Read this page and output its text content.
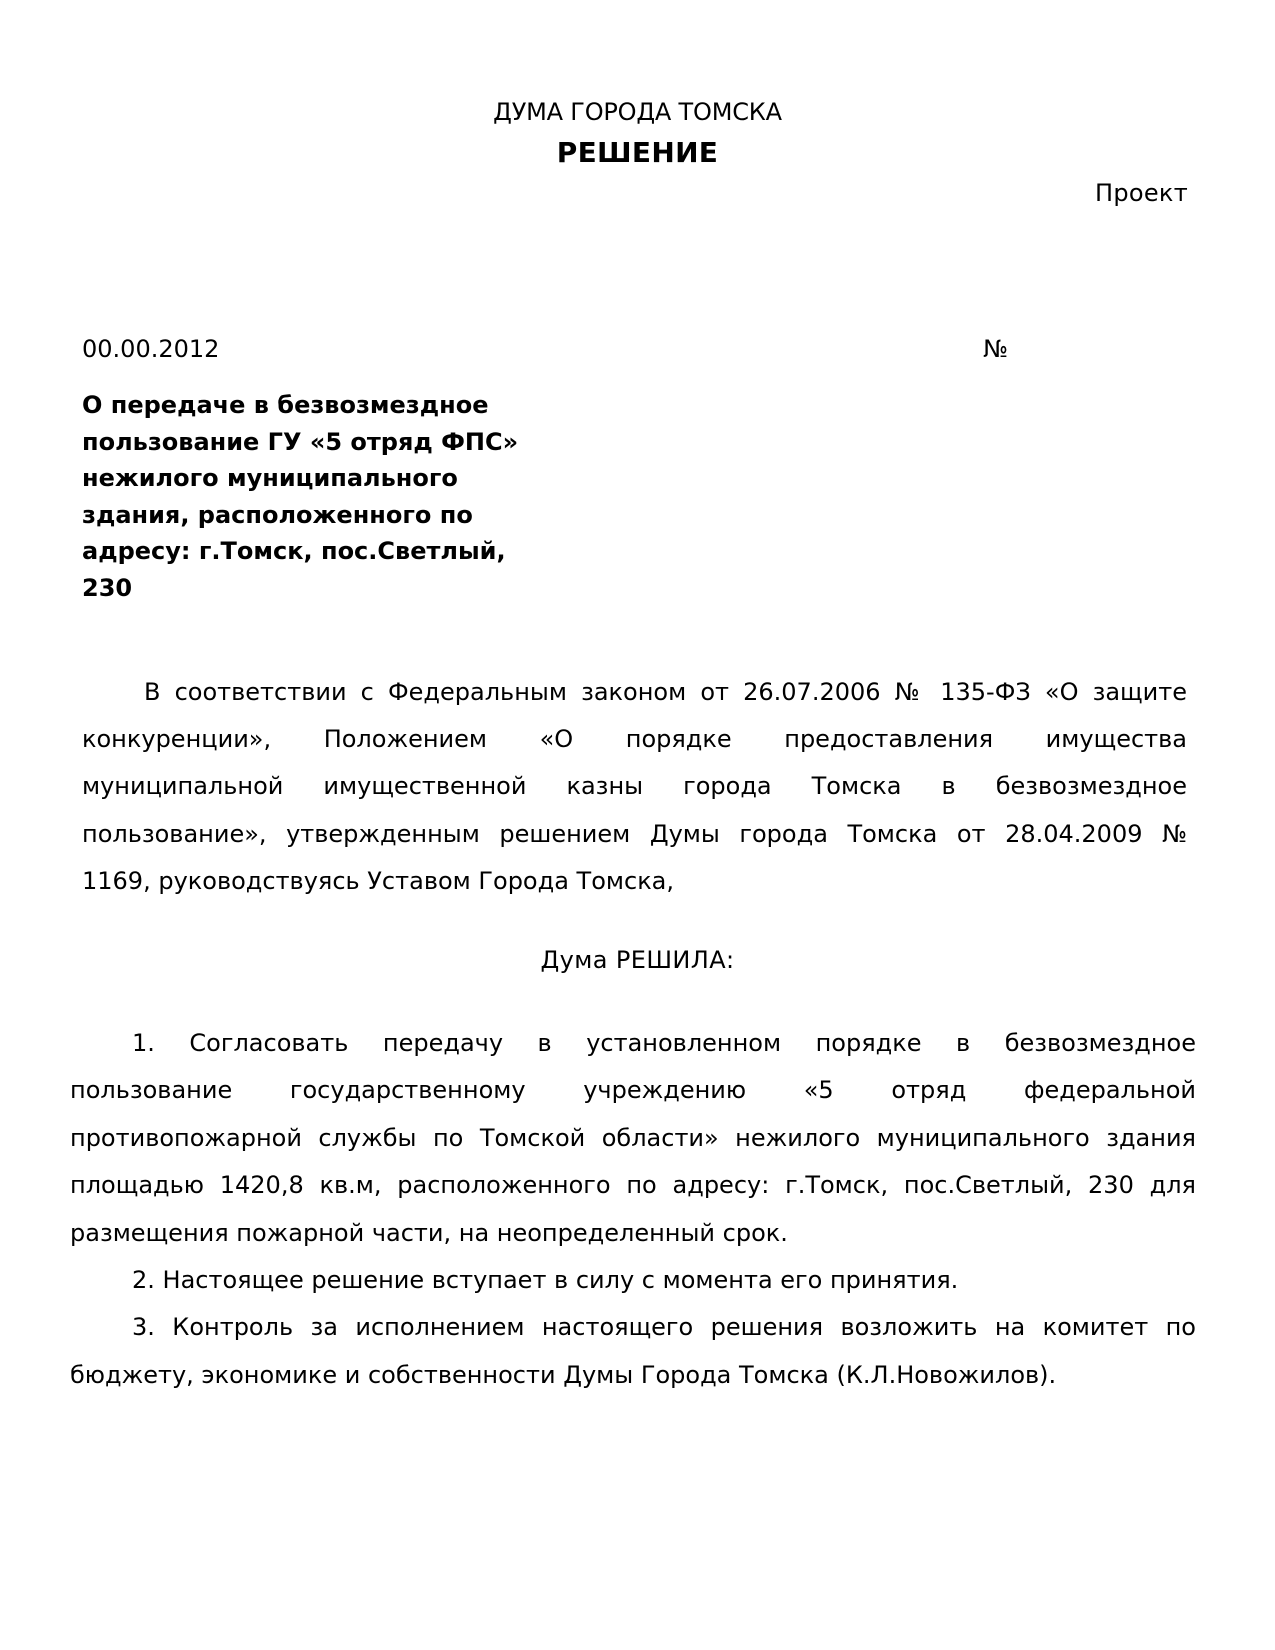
ДУМА ГОРОДА ТОМСКА
РЕШЕНИЕ
Проект
00.00.2012	№
О передаче в безвозмездное
пользование ГУ «5 отряд ФПС»
нежилого муниципального
здания, расположенного по
адресу: г.Томск, пос.Светлый,
230
В соответствии с Федеральным законом от 26.07.2006 № 135-ФЗ «О защите
конкуренции», Положением «О порядке предоставления имущества
муниципальной имущественной казны города Томска в безвозмездное
пользование», утвержденным решением Думы города Томска от 28.04.2009 №
1169, руководствуясь Уставом Города Томска,
Дума РЕШИЛА:
1. Согласовать передачу в установленном порядке в безвозмездное
пользование государственному учреждению «5 отряд федеральной
противопожарной службы по Томской области» нежилого муниципального здания
площадью 1420,8 кв.м, расположенного по адресу: г.Томск, пос.Светлый, 230 для
размещения пожарной части, на неопределенный срок.
2. Настоящее решение вступает в силу с момента его принятия.
3. Контроль за исполнением настоящего решения возложить на комитет по
бюджету, экономике и собственности Думы Города Томска (К.Л.Новожилов).
